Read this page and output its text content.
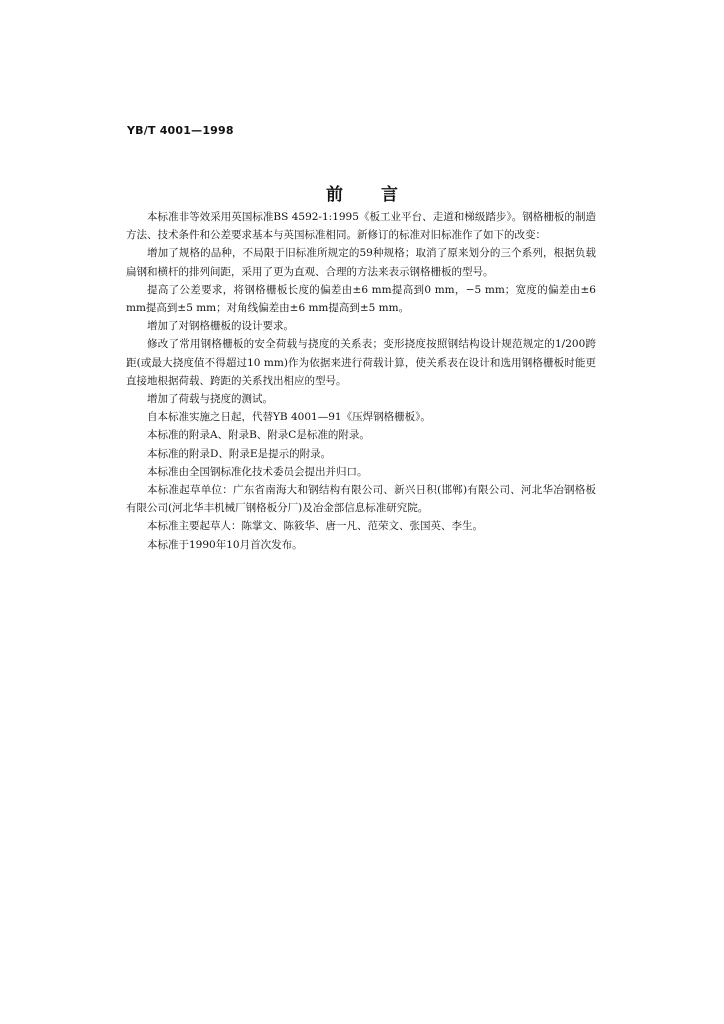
YB/T 4001—1998
前言

本标准非等效采用英国标准BS 4592-1:1995《板工业平台、走道和梯级踏步》。钢格栅板的制造方法、技术条件和公差要求基本与英国标准相同。新修订的标准对旧标准作了如下的改变：

增加了规格的品种，不局限于旧标准所规定的59种规格；取消了原来划分的三个系列，根据负载扁钢和横杆的排列间距，采用了更为直观、合理的方法来表示钢格栅板的型号。

提高了公差要求，将钢格栅板长度的偏差由±6 mm提高到0 mm，−5 mm；宽度的偏差由±6 mm提高到±5 mm；对角线偏差由±6 mm提高到±5 mm。

增加了对钢格栅板的设计要求。

修改了常用钢格栅板的安全荷载与挠度的关系表；变形挠度按照钢结构设计规范规定的1/200跨距(或最大挠度值不得超过10 mm)作为依据来进行荷载计算，使关系表在设计和选用钢格栅板时能更直接地根据荷载、跨距的关系找出相应的型号。

增加了荷载与挠度的测试。

自本标准实施之日起，代替YB 4001—91《压焊钢格栅板》。

本标准的附录A、附录B、附录C是标准的附录。

本标准的附录D、附录E是提示的附录。

本标准由全国钢标准化技术委员会提出并归口。

本标准起草单位：广东省南海大和钢结构有限公司、新兴日积(邯郸)有限公司、河北华冶钢格板有限公司(河北华丰机械厂钢格板分厂)及冶金部信息标准研究院。

本标准主要起草人：陈掌文、陈筱华、唐一凡、范荣文、张国英、李生。

本标准于1990年10月首次发布。
